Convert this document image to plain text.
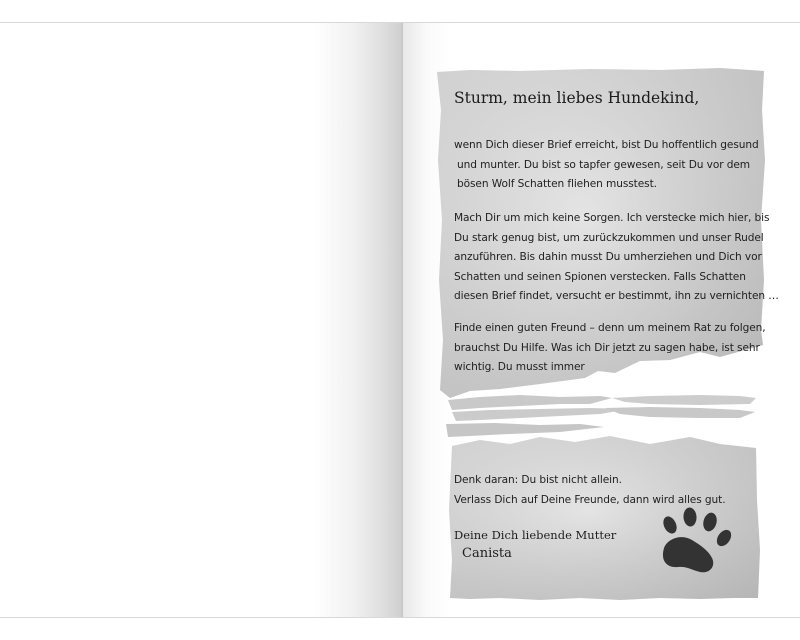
Sturm, mein liebes Hundekind,
wenn Dich dieser Brief erreicht, bist Du hoffentlich gesund
und munter. Du bist so tapfer gewesen, seit Du vor dem
bösen Wolf Schatten fliehen musstest.
Mach Dir um mich keine Sorgen. Ich verstecke mich hier, bis
Du stark genug bist, um zurückzukommen und unser Rudel
anzuführen. Bis dahin musst Du umherziehen und Dich vor
Schatten und seinen Spionen verstecken. Falls Schatten
diesen Brief findet, versucht er bestimmt, ihn zu vernichten …
Finde einen guten Freund – denn um meinem Rat zu folgen,
brauchst Du Hilfe. Was ich Dir jetzt zu sagen habe, ist sehr
wichtig. Du musst immer
Denk daran: Du bist nicht allein.
Verlass Dich auf Deine Freunde, dann wird alles gut.
Deine Dich liebende Mutter
Canista
